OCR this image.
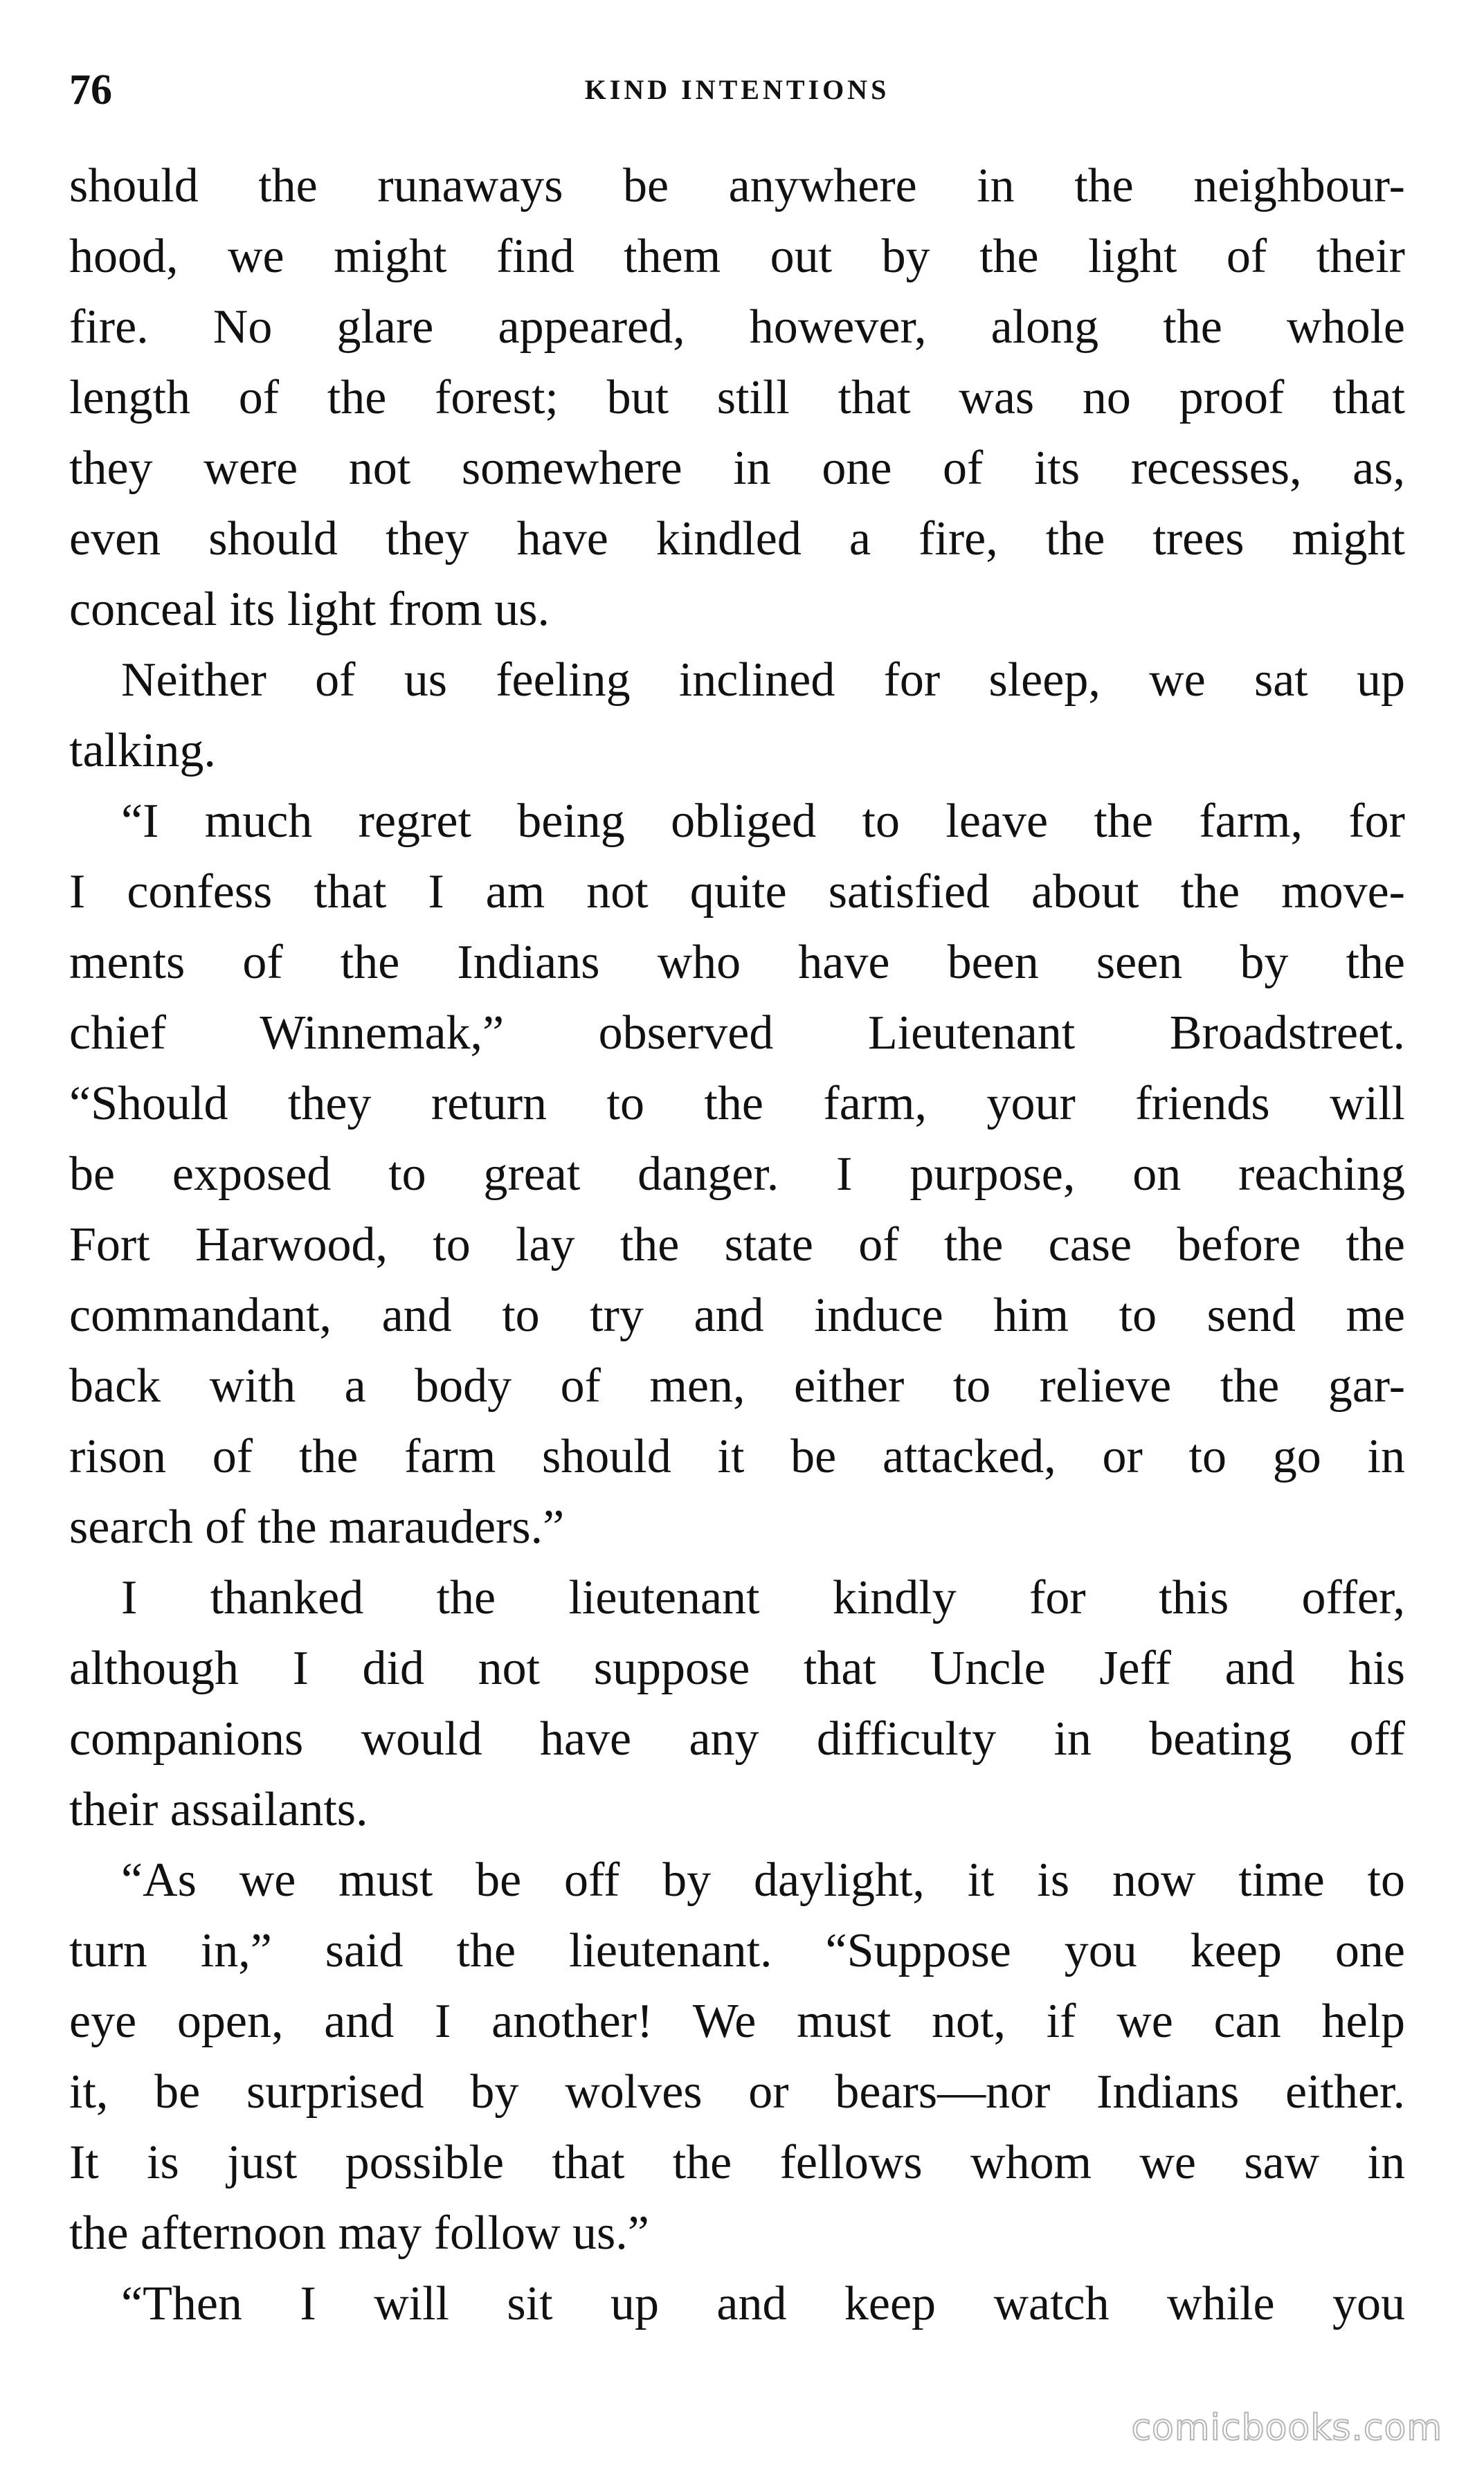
76	KIND INTENTIONS

should the runaways be anywhere in the neighbour-
hood, we might find them out by the light of their
fire. No glare appeared, however, along the whole
length of the forest; but still that was no proof that
they were not somewhere in one of its recesses, as,
even should they have kindled a fire, the trees might
conceal its light from us.

Neither of us feeling inclined for sleep, we sat up
talking.

“I much regret being obliged to leave the farm, for
I confess that I am not quite satisfied about the move-
ments of the Indians who have been seen by the
chief Winnemak,” observed Lieutenant Broadstreet.
“Should they return to the farm, your friends will
be exposed to great danger. I purpose, on reaching
Fort Harwood, to lay the state of the case before the
commandant, and to try and induce him to send me
back with a body of men, either to relieve the gar-
rison of the farm should it be attacked, or to go in
search of the marauders.”

I thanked the lieutenant kindly for this offer,
although I did not suppose that Uncle Jeff and his
companions would have any difficulty in beating off
their assailants.

“As we must be off by daylight, it is now time to
turn in,” said the lieutenant. “Suppose you keep one
eye open, and I another! We must not, if we can help
it, be surprised by wolves or bears—nor Indians either.
It is just possible that the fellows whom we saw in
the afternoon may follow us.”

“Then I will sit up and keep watch while you

comicbooks.com
